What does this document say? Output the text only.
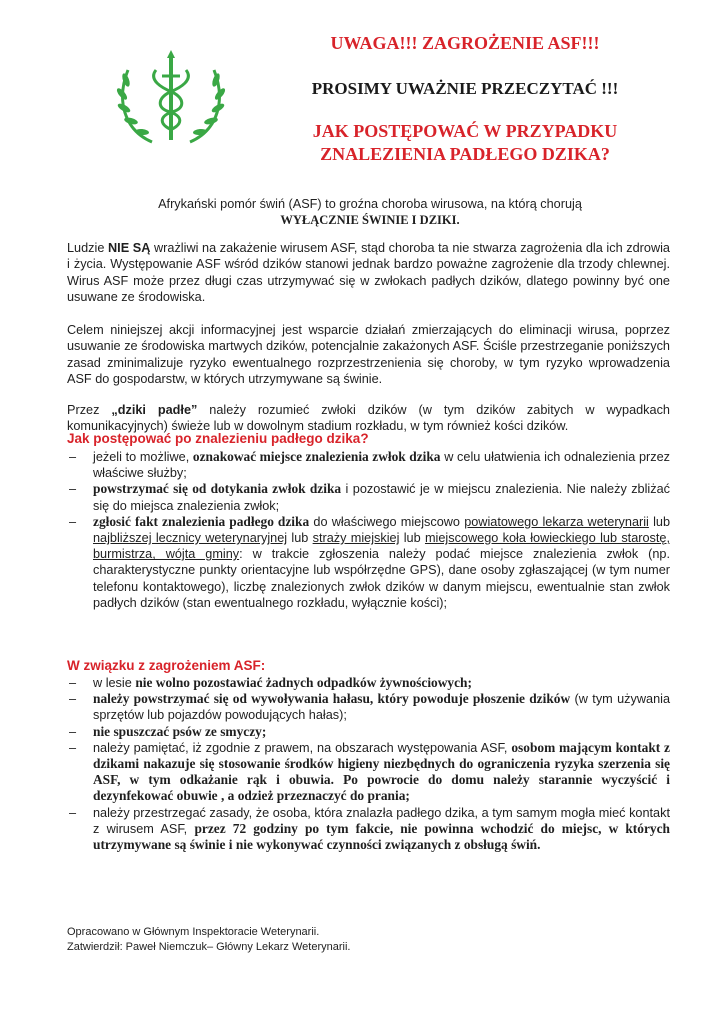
UWAGA!!! ZAGROŻENIE ASF!!!
PROSIMY UWAŻNIE PRZECZYTAĆ !!!
JAK POSTĘPOWAĆ W PRZYPADKU
ZNALEZIENIA PADŁEGO DZIKA?
Afrykański pomór świń (ASF) to groźna choroba wirusowa, na którą chorują
WYŁĄCZNIE ŚWINIE I DZIKI.
Ludzie NIE SĄ wrażliwi na zakażenie wirusem ASF, stąd choroba ta nie stwarza zagrożenia dla ich zdrowia i życia. Występowanie ASF wśród dzików stanowi jednak bardzo poważne zagrożenie dla trzody chlewnej. Wirus ASF może przez długi czas utrzymywać się w zwłokach padłych dzików, dlatego powinny być one usuwane ze środowiska.
Celem niniejszej akcji informacyjnej jest wsparcie działań zmierzających do eliminacji wirusa, poprzez usuwanie ze środowiska martwych dzików, potencjalnie zakażonych ASF. Ściśle przestrzeganie poniższych zasad zminimalizuje ryzyko ewentualnego rozprzestrzenienia się choroby, w tym ryzyko wprowadzenia ASF do gospodarstw, w których utrzymywane są świnie.
Przez „dziki padłe” należy rozumieć zwłoki dzików (w tym dzików zabitych w wypadkach komunikacyjnych) świeże lub w dowolnym stadium rozkładu, w tym również kości dzików.
Jak postępować po znalezieniu padłego dzika?
– jeżeli to możliwe, oznakować miejsce znalezienia zwłok dzika w celu ułatwienia ich odnalezienia przez właściwe służby;
– powstrzymać się od dotykania zwłok dzika i pozostawić je w miejscu znalezienia. Nie należy zbliżać się do miejsca znalezienia zwłok;
– zgłosić fakt znalezienia padłego dzika do właściwego miejscowo powiatowego lekarza weterynarii lub najbliższej lecznicy weterynaryjnej lub straży miejskiej lub miejscowego koła łowieckiego lub starostę, burmistrza, wójta gminy: w trakcie zgłoszenia należy podać miejsce znalezienia zwłok (np. charakterystyczne punkty orientacyjne lub współrzędne GPS), dane osoby zgłaszającej (w tym numer telefonu kontaktowego), liczbę znalezionych zwłok dzików w danym miejscu, ewentualnie stan zwłok padłych dzików (stan ewentualnego rozkładu, wyłącznie kości);
W związku z zagrożeniem ASF:
– w lesie nie wolno pozostawiać żadnych odpadków żywnościowych;
– należy powstrzymać się od wywoływania hałasu, który powoduje płoszenie dzików (w tym używania sprzętów lub pojazdów powodujących hałas);
– nie spuszczać psów ze smyczy;
– należy pamiętać, iż zgodnie z prawem, na obszarach występowania ASF, osobom mającym kontakt z dzikami nakazuje się stosowanie środków higieny niezbędnych do ograniczenia ryzyka szerzenia się ASF, w tym odkażanie rąk i obuwia. Po powrocie do domu należy starannie wyczyścić i dezynfekować obuwie , a odzież przeznaczyć do prania;
– należy przestrzegać zasady, że osoba, która znalazła padłego dzika, a tym samym mogła mieć kontakt z wirusem ASF, przez 72 godziny po tym fakcie, nie powinna wchodzić do miejsc, w których utrzymywane są świnie i nie wykonywać czynności związanych z obsługą świń.
Opracowano w Głównym Inspektoracie Weterynarii.
Zatwierdził: Paweł Niemczuk– Główny Lekarz Weterynarii.
